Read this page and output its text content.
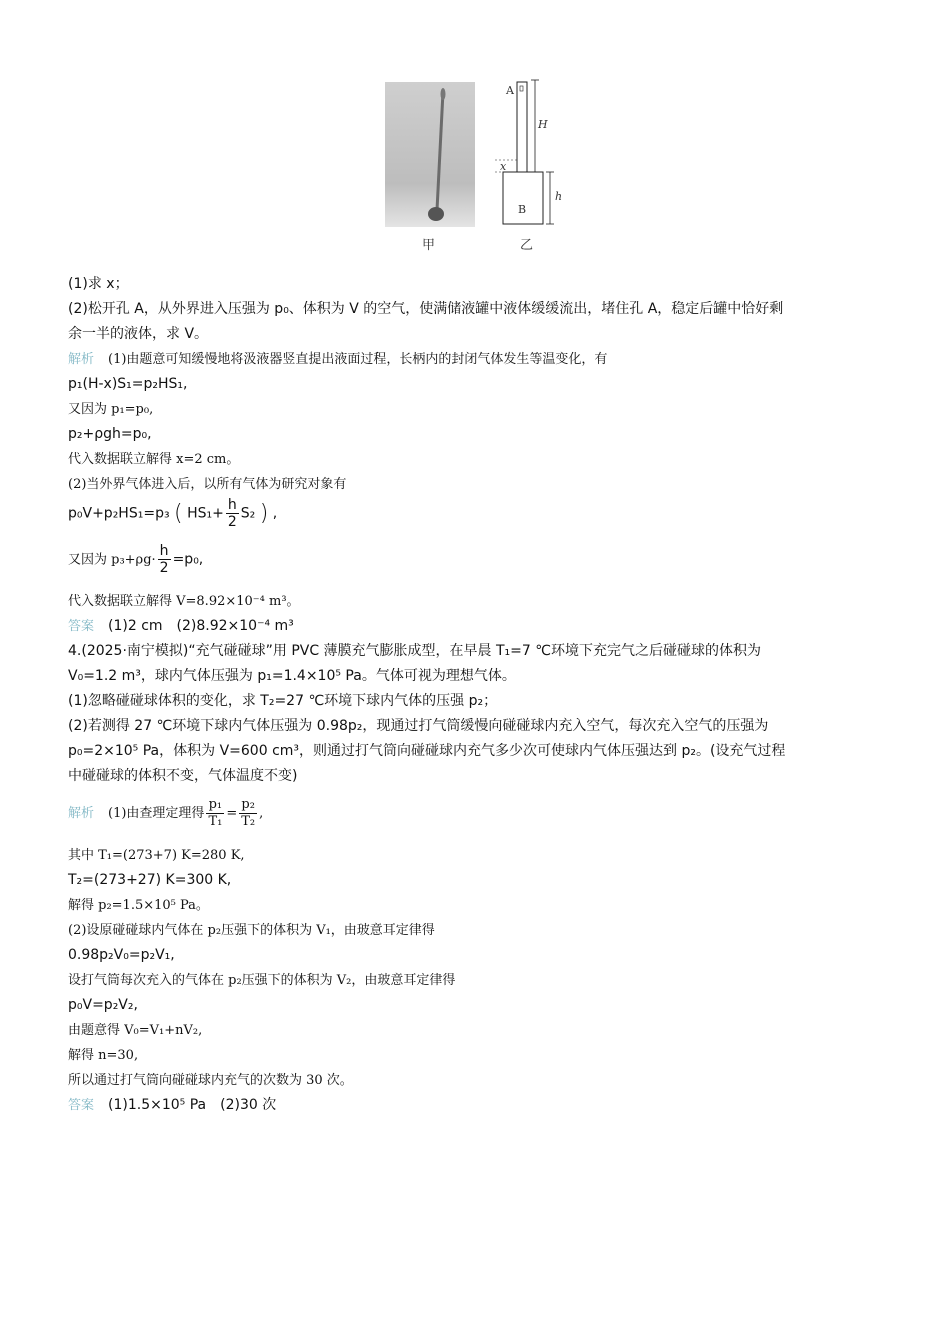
A
B
H
h
x
甲	乙
(1)求 x；
(2)松开孔 A，从外界进入压强为 p₀、体积为 V 的空气，使满储液罐中液体缓缓流出，堵住孔 A，稳定后罐中恰好剩
余一半的液体，求 V。
解析 (1)由题意可知缓慢地将汲液器竖直提出液面过程，长柄内的封闭气体发生等温变化，有
p₁(H-x)S₁=p₂HS₁,
又因为 p₁=p₀,
p₂+ρgh=p₀,
代入数据联立解得 x=2 cm。
(2)当外界气体进入后，以所有气体为研究对象有
p₀V+p₂HS₁=p₃ ( $HS_1+ \frac{h}{2} S_2$ ) ,
又因为 $p_3+\rho g\cdot \frac{h}{2} =p_0$,
代入数据联立解得 V=8.92×10⁻⁴ m³。
答案 (1)2 cm　(2)8.92×10⁻⁴ m³
4.(2025·南宁模拟)“充气碰碰球”用 PVC 薄膜充气膨胀成型，在早晨 T₁=7 ℃环境下充完气之后碰碰球的体积为
V₀=1.2 m³，球内气体压强为 p₁=1.4×10⁵ Pa。气体可视为理想气体。
(1)忽略碰碰球体积的变化，求 T₂=27 ℃环境下球内气体的压强 p₂；
(2)若测得 27 ℃环境下球内气体压强为 0.98p₂，现通过打气筒缓慢向碰碰球内充入空气，每次充入空气的压强为
p₀=2×10⁵ Pa，体积为 V=600 cm³，则通过打气筒向碰碰球内充气多少次可使球内气体压强达到 p₂。(设充气过程
中碰碰球的体积不变，气体温度不变)
解析 (1)由查理定理得 $\frac{\text{p₁}}{\text{T₁}} = \frac{\text{p₂}}{\text{T₂}}$ ,
其中 T₁=(273+7) K=280 K,
T₂=(273+27) K=300 K,
解得 p₂=1.5×10⁵ Pa。
(2)设原碰碰球内气体在 p₂压强下的体积为 V₁，由玻意耳定律得
0.98p₂V₀=p₂V₁,
设打气筒每次充入的气体在 p₂压强下的体积为 V₂，由玻意耳定律得
p₀V=p₂V₂,
由题意得 V₀=V₁+nV₂,
解得 n=30,
所以通过打气筒向碰碰球内充气的次数为 30 次。
答案 (1)1.5×10⁵ Pa　(2)30 次
